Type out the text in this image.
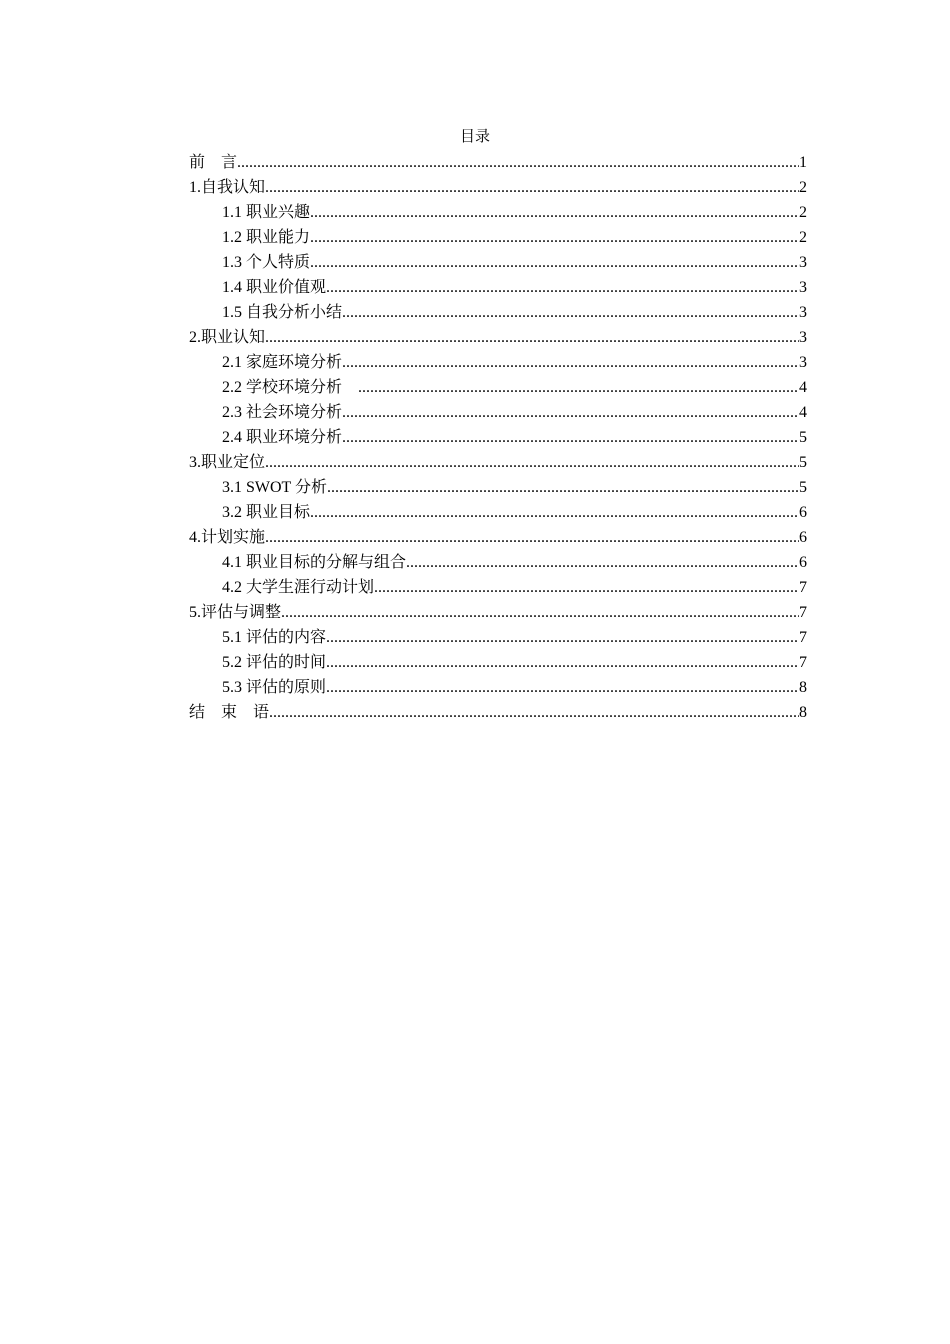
目录
前    言 .....	1
1.自我认知 .....	2
1.1 职业兴趣 .....	2
1.2 职业能力 .....	2
1.3 个人特质 .....	3
1.4 职业价值观 .....	3
1.5 自我分析小结 .....	3
2.职业认知 .....	3
2.1 家庭环境分析 .....	3
2.2 学校环境分析 .....	4
2.3 社会环境分析 .....	4
2.4 职业环境分析 .....	5
3.职业定位 .....	5
3.1 SWOT 分析 .....	5
3.2 职业目标 .....	6
4.计划实施 .....	6
4.1 职业目标的分解与组合 .....	6
4.2 大学生涯行动计划 .....	7
5.评估与调整 .....	7
5.1 评估的内容 .....	7
5.2 评估的时间 .....	7
5.3 评估的原则 .....	8
结    束    语 .....	8
